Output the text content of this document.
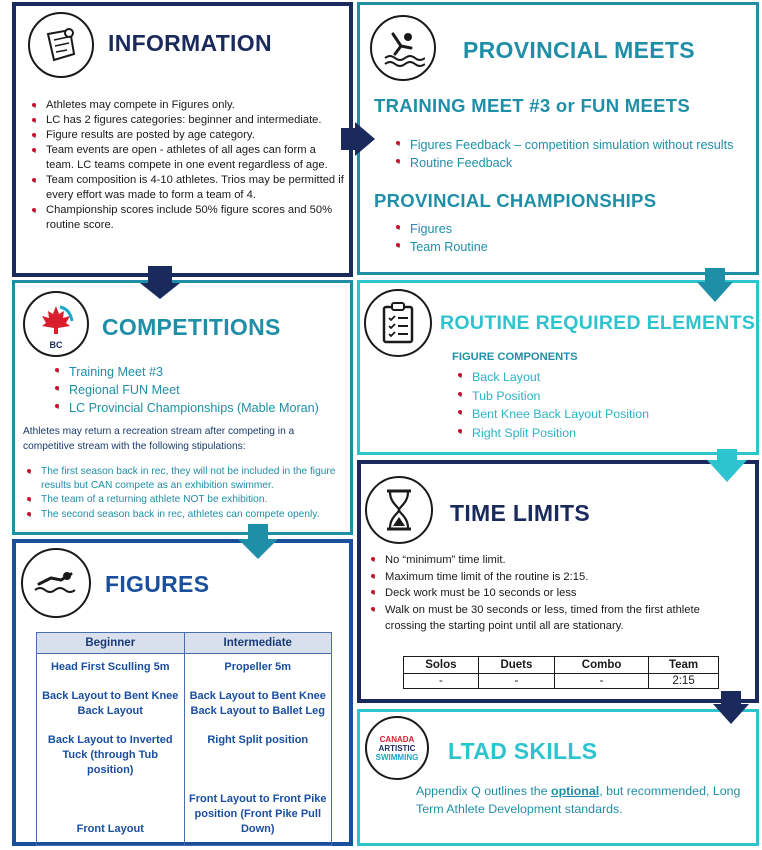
INFORMATION
Athletes may compete in Figures only.
LC has 2 figures categories: beginner and intermediate.
Figure results are posted by age category.
Team events are open - athletes of all ages can form a team. LC teams compete in one event regardless of age.
Team composition is 4-10 athletes. Trios may be permitted if every effort was made to form a team of 4.
Championship scores include 50% figure scores and 50% routine score.
PROVINCIAL MEETS
TRAINING MEET #3 or FUN MEETS
Figures Feedback – competition simulation without results
Routine Feedback
PROVINCIAL CHAMPIONSHIPS
Figures
Team Routine
BC
COMPETITIONS
Training Meet #3
Regional FUN Meet
LC Provincial Championships (Mable Moran)
Athletes may return a recreation stream after competing in a competitive stream with the following stipulations:
The first season back in rec, they will not be included in the figure results but CAN compete as an exhibition swimmer.
The team of a returning athlete NOT be exhibition.
The second season back in rec, athletes can compete openly.
ROUTINE REQUIRED ELEMENTS
FIGURE COMPONENTS
Back Layout
Tub Position
Bent Knee Back Layout Position
Right Split Position
TIME LIMITS
No “minimum” time limit.
Maximum time limit of the routine is 2:15.
Deck work must be 10 seconds or less
Walk on must be 30 seconds or less, timed from the first athlete crossing the starting point until all are stationary.
Solos	Duets	Combo	Team
-	-	-	2:15
FIGURES
Beginner	Intermediate
Head First Sculling 5m	Propeller 5m
Back Layout to Bent Knee Back Layout	Back Layout to Bent Knee Back Layout to Ballet Leg
Back Layout to Inverted Tuck (through Tub position)	Right Split position
Front Layout	Front Layout to Front Pike position (Front Pike Pull Down)
CANADA
ARTISTIC
SWIMMING LTAD SKILLS
Appendix Q outlines the optional, but recommended, Long Term Athlete Development standards.
